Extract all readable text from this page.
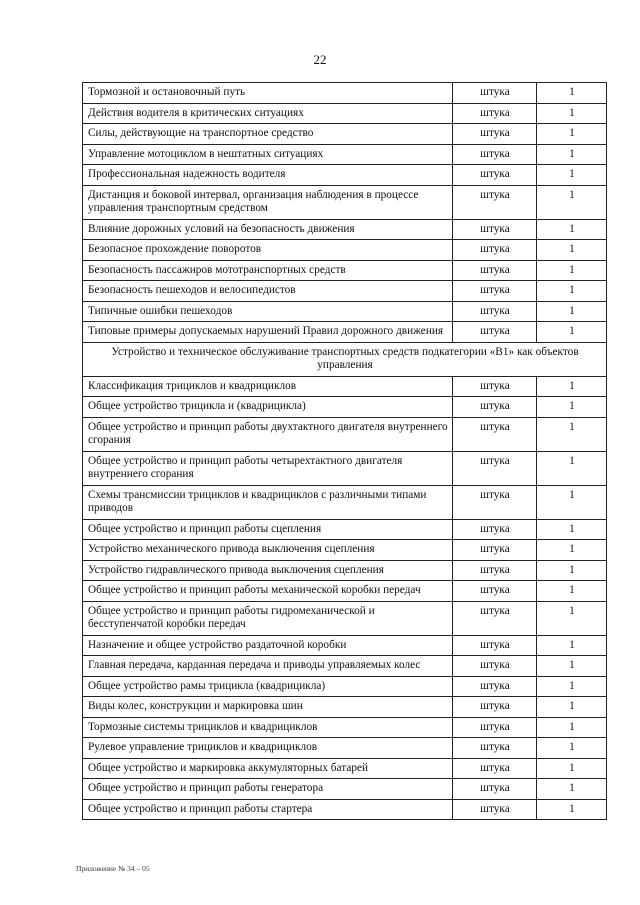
22
Тормозной и остановочный путь	штука	1
Действия водителя в критических ситуациях	штука	1
Силы, действующие на транспортное средство	штука	1
Управление мотоциклом в нештатных ситуациях	штука	1
Профессиональная надежность водителя	штука	1
Дистанция и боковой интервал, организация наблюдения в процессе управления транспортным средством	штука	1
Влияние дорожных условий на безопасность движения	штука	1
Безопасное прохождение поворотов	штука	1
Безопасность пассажиров мототранспортных средств	штука	1
Безопасность пешеходов и велосипедистов	штука	1
Типичные ошибки пешеходов	штука	1
Типовые примеры допускаемых нарушений Правил дорожного движения	штука	1
Устройство и техническое обслуживание транспортных средств подкатегории «В1» как объектов управления		
Классификация трициклов и квадрициклов	штука	1
Общее устройство трицикла и (квадрицикла)	штука	1
Общее устройство и принцип работы двухтактного двигателя внутреннего сгорания	штука	1
Общее устройство и принцип работы четырехтактного двигателя внутреннего сгорания	штука	1
Схемы трансмиссии трициклов и квадрициклов с различными типами приводов	штука	1
Общее устройство и принцип работы сцепления	штука	1
Устройство механического привода выключения сцепления	штука	1
Устройство гидравлического привода выключения сцепления	штука	1
Общее устройство и принцип работы механической коробки передач	штука	1
Общее устройство и принцип работы гидромеханической и бесступенчатой коробки передач	штука	1
Назначение и общее устройство раздаточной коробки	штука	1
Главная передача, карданная передача и приводы управляемых колес	штука	1
Общее устройство рамы трицикла (квадрицикла)	штука	1
Виды колес, конструкции и маркировка шин	штука	1
Тормозные системы трициклов и квадрициклов	штука	1
Рулевое управление трициклов и квадрициклов	штука	1
Общее устройство и маркировка аккумуляторных батарей	штука	1
Общее устройство и принцип работы генератора	штука	1
Общее устройство и принцип работы стартера	штука	1
Приложение № 34 – 05
